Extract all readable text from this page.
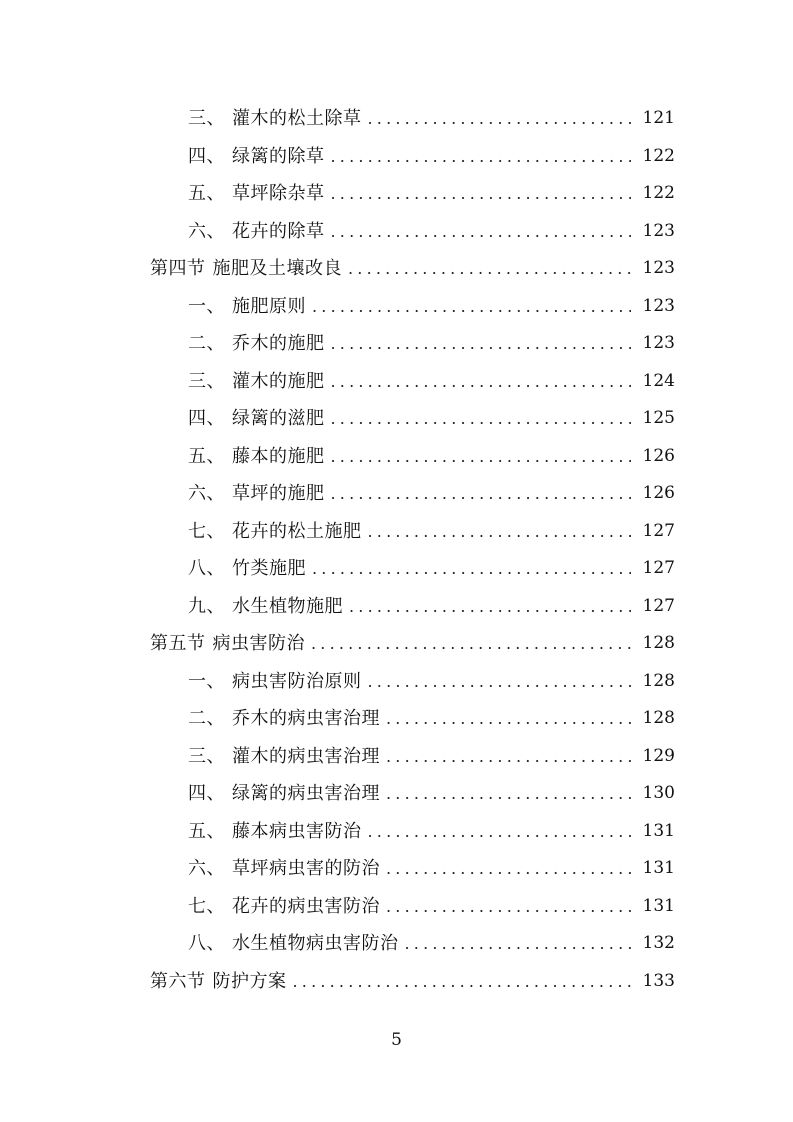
三、 灌木的松土除草 .....	121
四、 绿篱的除草 .....	122
五、 草坪除杂草 .....	122
六、 花卉的除草 .....	123
第四节 施肥及土壤改良 .....	123
一、 施肥原则 .....	123
二、 乔木的施肥 .....	123
三、 灌木的施肥 .....	124
四、 绿篱的滋肥 .....	125
五、 藤本的施肥 .....	126
六、 草坪的施肥 .....	126
七、 花卉的松土施肥 .....	127
八、 竹类施肥 .....	127
九、 水生植物施肥 .....	127
第五节 病虫害防治 .....	128
一、 病虫害防治原则 .....	128
二、 乔木的病虫害治理 .....	128
三、 灌木的病虫害治理 .....	129
四、 绿篱的病虫害治理 .....	130
五、 藤本病虫害防治 .....	131
六、 草坪病虫害的防治 .....	131
七、 花卉的病虫害防治 .....	131
八、 水生植物病虫害防治 .....	132
第六节 防护方案 .....	133
5
